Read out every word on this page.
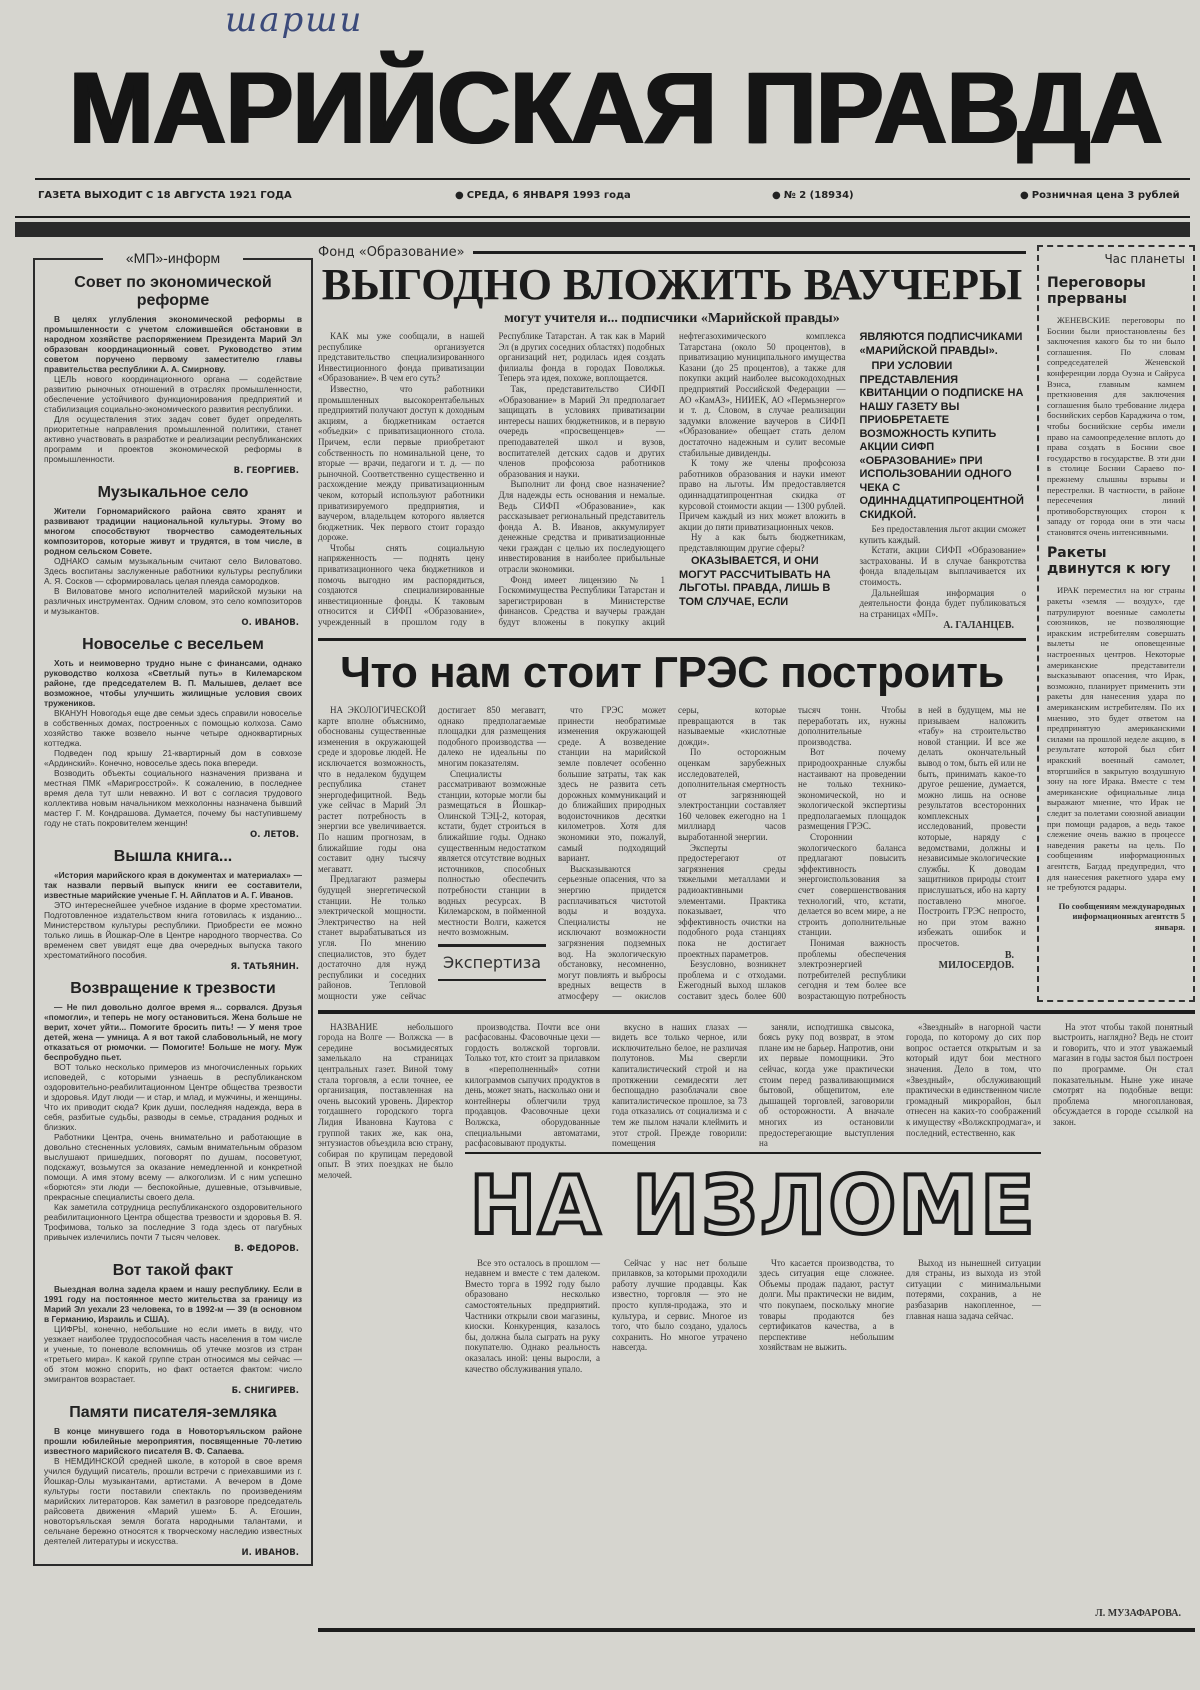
шарши
МАРИЙСКАЯ ПРАВДА
ГАЗЕТА ВЫХОДИТ С 18 АВГУСТА 1921 ГОДА	● СРЕДА, 6 ЯНВАРЯ 1993 года	● № 2 (18934)	● Розничная цена 3 рублей
«МП»-информ
Совет по экономической реформе

В целях углубления экономической реформы в промышленности с учетом сложившейся обстановки в народном хозяйстве распоряжением Президента Марий Эл образован координационный совет. Руководство этим советом поручено первому заместителю главы правительства республики А. А. Смирнову.

ЦЕЛЬ нового координационного органа — содействие развитию рыночных отношений в отраслях промышленности, обеспечение устойчивого функционирования предприятий и стабилизация социально-экономического развития республики.

Для осуществления этих задач совет будет определять приоритетные направления промышленной политики, станет активно участвовать в разработке и реализации республиканских программ и проектов экономической реформы в промышленности.

В. ГЕОРГИЕВ.
Музыкальное село

Жители Горномарийского района свято хранят и развивают традиции национальной культуры. Этому во многом способствуют творчество самодеятельных композиторов, которые живут и трудятся, в том числе, в родном сельском Совете.

ОДНАКО самым музыкальным считают село Виловатово. Здесь воспитаны заслуженные работники культуры республики А. Я. Сосков — сформировалась целая плеяда самородков.

В Виловатове много исполнителей марийской музыки на различных инструментах. Одним словом, это село композиторов и музыкантов.

О. ИВАНОВ.
Новоселье с весельем

Хоть и неимоверно трудно ныне с финансами, однако руководство колхоза «Светлый путь» в Килемарском районе, где председателем В. П. Малышев, делает все возможное, чтобы улучшить жилищные условия своих тружеников.

ВКАНУН Новогодья еще две семьи здесь справили новоселье в собственных домах, построенных с помощью колхоза. Само хозяйство также возвело нынче четыре одноквартирных коттеджа.

Подведен под крышу 21-квартирный дом в совхозе «Ардинский». Конечно, новоселье здесь пока впереди.

Возводить объекты социального назначения призвана и местная ПМК «Маригросстрой». К сожалению, в последнее время дела тут шли неважно. И вот с согласия трудового коллектива новым начальником мехколонны назначена бывший мастер Г. М. Кондрашова. Думается, почему бы наступившему году не стать покровителем женщин!

О. ЛЕТОВ.
Вышла книга...

«История марийского края в документах и материалах» — так назвали первый выпуск книги ее составители, известные марийские ученые Г. Н. Айплатов и А. Г. Иванов.

ЭТО интереснейшее учебное издание в форме хрестоматии. Подготовленное издательством книга готовилась к изданию... Министерством культуры республики. Приобрести ее можно только лишь в Йошкар-Оле в Центре народного творчества. Со временем свет увидят еще два очередных выпуска такого хрестоматийного пособия.

Я. ТАТЬЯНИН.
Возвращение к трезвости

— Не пил довольно долгое время я... сорвался. Друзья «помогли», и теперь не могу остановиться. Жена больше не верит, хочет уйти... Помогите бросить пить! — У меня трое детей, жена — умница. А я вот такой слабовольный, не могу отказаться от рюмочки. — Помогите! Больше не могу. Муж беспробудно пьет.

ВОТ только несколько примеров из многочисленных горьких исповедей, с которыми узнаешь в республиканском оздоровительно-реабилитационном Центре общества трезвости и здоровья. Идут люди — и стар, и млад, и мужчины, и женщины. Что их приводит сюда? Крик души, последняя надежда, вера в себя, разбитые судьбы, разводы в семье, страдания родных и близких.

Работники Центра, очень внимательно и работающие в довольно стесненных условиях, самым внимательным образом выслушают пришедших, поговорят по душам, посоветуют, подскажут, возьмутся за оказание немедленной и конкретной помощи. А имя этому всему — алкоголизм. И с ним успешно «борются» эти люди — беспокойные, душевные, отзывчивые, прекрасные специалисты своего дела.

Как заметила сотрудница республиканского оздоровительного реабилитационного Центра общества трезвости и здоровья В. Я. Трофимова, только за последние 3 года здесь от пагубных привычек излечились почти 7 тысяч человек.

В. ФЕДОРОВ.
Вот такой факт

Выездная волна задела краем и нашу республику. Если в 1991 году на постоянное место жительства за границу из Марий Эл уехали 23 человека, то в 1992-м — 39 (в основном в Германию, Израиль и США).

ЦИФРЫ, конечно, небольшие но если иметь в виду, что уезжает наиболее трудоспособная часть населения в том числе и ученые, то поневоле вспомнишь об утечке мозгов из стран «третьего мира». К какой группе стран относимся мы сейчас — об этом можно спорить, но факт остается фактом: число эмигрантов возрастает.

Б. СНИГИРЕВ.
Памяти писателя-земляка

В конце минувшего года в Новоторъяльском районе прошли юбилейные мероприятия, посвященные 70-летию известного марийского писателя В. Ф. Сапаева.

В НЕМДИНСКОЙ средней школе, в которой в свое время учился будущий писатель, прошли встречи с приехавшими из г. Йошкар-Олы музыкантами, артистами. А вечером в Доме культуры гости поставили спектакль по произведениям марийских литераторов. Как заметил в разговоре председатель райсовета движения «Марий ушем» Б. А. Егошин, новоторъяльская земля богата народными талантами, и сельчане бережно относятся к творческому наследию известных деятелей литературы и искусства.

И. ИВАНОВ.
Фонд «Образование»
ВЫГОДНО ВЛОЖИТЬ ВАУЧЕРЫ
могут учителя и... подписчики «Марийской правды»

КАК мы уже сообщали, в нашей республике организуется представительство специализированного Инвестиционного фонда приватизации «Образование». В чем его суть?

Известно, что работники промышленных высокорентабельных предприятий получают доступ к доходным акциям, а бюджетникам остается «объедки» с приватизационного стола. Причем, если первые приобретают собственность по номинальной цене, то вторые — врачи, педагоги и т. д. — по рыночной. Соответственно существенно и расхождение между приватизационным чеком, который используют работники приватизируемого предприятия, и ваучером, владельцем которого является бюджетник. Чек первого стоит гораздо дороже.

Чтобы снять социальную напряженность — поднять цену приватизационного чека бюджетников и помочь выгодно им распорядиться, создаются специализированные инвестиционные фонды. К таковым относится и СИФП «Образование», учрежденный в прошлом году в Республике Татарстан. А так как в Марий Эл (в других соседних областях) подобных организаций нет, родилась идея создать филиалы фонда в городах Поволжья. Теперь эта идея, похоже, воплощается.

Так, представительство СИФП «Образование» в Марий Эл предполагает защищать в условиях приватизации интересы наших бюджетников, и в первую очередь «просвещенцев» — преподавателей школ и вузов, воспитателей детских садов и других членов профсоюза работников образования и науки.

Выполнит ли фонд свое назначение? Для надежды есть основания и немалые. Ведь СИФП «Образование», как рассказывает региональный представитель фонда А. В. Иванов, аккумулирует денежные средства и приватизационные чеки граждан с целью их последующего инвестирования в наиболее прибыльные отрасли экономики.

Фонд имеет лицензию № 1 Госкомимущества Республики Татарстан и зарегистрирован в Министерстве финансов. Средства и ваучеры граждан будут вложены в покупку акций нефтегазохимического комплекса Татарстана (около 50 процентов), в приватизацию муниципального имущества Казани (до 25 процентов), а также для покупки акций наиболее высокодоходных предприятий Российской Федерации — АО «КамАЗ», НИИЕК, АО «Пермьэнерго» и т. д. Словом, в случае реализации задумки вложение ваучеров в СИФП «Образование» обещает стать делом достаточно надежным и сулит весомые стабильные дивиденды.

К тому же члены профсоюза работников образования и науки имеют право на льготы. Им предоставляется одиннадцатипроцентная скидка от курсовой стоимости акции — 1300 рублей. Причем каждый из них может вложить в акции до пяти приватизационных чеков.

Ну а как быть бюджетникам, представляющим другие сферы?

ОКАЗЫВАЕТСЯ, И ОНИ МОГУТ РАССЧИТЫВАТЬ НА ЛЬГОТЫ. ПРАВДА, ЛИШЬ В ТОМ СЛУЧАЕ, ЕСЛИ ЯВЛЯЮТСЯ ПОДПИСЧИКАМИ «МАРИЙСКОЙ ПРАВДЫ».

ПРИ УСЛОВИИ ПРЕДСТАВЛЕНИЯ КВИТАНЦИИ О ПОДПИСКЕ НА НАШУ ГАЗЕТУ ВЫ ПРИОБРЕТАЕТЕ ВОЗМОЖНОСТЬ КУПИТЬ АКЦИИ СИФП «ОБРАЗОВАНИЕ» ПРИ ИСПОЛЬЗОВАНИИ ОДНОГО ЧЕКА С ОДИННАДЦАТИПРОЦЕНТНОЙ СКИДКОЙ.

Без предоставления льгот акции сможет купить каждый.

Кстати, акции СИФП «Образование» застрахованы. И в случае банкротства фонда владельцам выплачивается их стоимость.

Дальнейшая информация о деятельности фонда будет публиковаться на страницах «МП».

А. ГАЛАНЦЕВ.
Что нам стоит ГРЭС построить

НА ЭКОЛОГИЧЕСКОЙ карте вполне объяснимо, обоснованы существенные изменения в окружающей среде и здоровье людей. Не исключается возможность, что в недалеком будущем республика станет энергодефицитной. Ведь уже сейчас в Марий Эл растет потребность в энергии все увеличивается. По нашим прогнозам, в ближайшие годы она составит одну тысячу мегаватт.

Предлагают размеры будущей энергетической станции. Не только электрической мощности. Электричество на ней станет вырабатываться из угля. По мнению специалистов, это будет достаточно для нужд республики и соседних районов. Тепловой мощности уже сейчас достигает 850 мегаватт, однако предполагаемые площадки для размещения подобного производства — далеко не идеальны по многим показателям.

Специалисты рассматривают возможные станции, которые могли бы размещаться в Йошкар-Олинской ТЭЦ-2, которая, кстати, будет строиться в ближайшие годы. Однако существенным недостатком является отсутствие водных источников, способных полностью обеспечить потребности станции в водных ресурсах. В Килемарском, в пойменной местности Волги, кажется нечто возможным.

Экспертиза

что ГРЭС может принести необратимые изменения окружающей среде. А возведение станции на марийской земле повлечет особенно большие затраты, так как здесь не развита сеть дорожных коммуникаций и до ближайших природных водоисточников десятки километров. Хотя для экономики это, пожалуй, самый подходящий вариант.

Высказываются серьезные опасения, что за энергию придется расплачиваться чистотой воды и воздуха. Специалисты не исключают возможности загрязнения подземных вод. На экологическую обстановку, несомненно, могут повлиять и выбросы вредных веществ в атмосферу — окислов серы, которые превращаются в так называемые «кислотные дожди».

По осторожным оценкам зарубежных исследователей, дополнительная смертность от загрязняющей электростанции составляет 160 человек ежегодно на 1 миллиард часов выработанной энергии.

Эксперты предостерегают от загрязнения среды тяжелыми металлами и радиоактивными элементами. Практика показывает, что эффективность очистки на подобного рода станциях пока не достигает проектных параметров.

Безусловно, возникнет проблема и с отходами. Ежегодный выход шлаков составит здесь более 600 тысяч тонн. Чтобы переработать их, нужны дополнительные производства.

Вот почему природоохранные службы настаивают на проведении не только технико-экономической, но и экологической экспертизы предполагаемых площадок размещения ГРЭС.

Стороннии экологического баланса предлагают повысить эффективность энергоиспользования за счет совершенствования технологий, что, кстати, делается во всем мире, а не строить дополнительные станции.

Понимая важность проблемы обеспечения электроэнергией потребителей республики сегодня и тем более все возрастающую потребность в ней в будущем, мы не призываем наложить «табу» на строительство новой станции. И все же делать окончательный вывод о том, быть ей или не быть, принимать какое-то другое решение, думается, можно лишь на основе результатов всесторонних комплексных исследований, провести которые, наряду с ведомствами, должны и независимые экологические службы. К доводам защитников природы стоит прислушаться, ибо на карту поставлено многое. Построить ГРЭС непросто, но при этом важно избежать ошибок и просчетов.

В. МИЛОСЕРДОВ.
Час планеты
Переговоры прерваны

ЖЕНЕВСКИЕ переговоры по Боснии были приостановлены без заключения какого бы то ни было соглашения. По словам сопредседателей Женевской конференции лорда Оуэна и Сайруса Вэнса, главным камнем преткновения для заключения соглашения было требование лидера боснийских сербов Караджича о том, чтобы боснийские сербы имели право на самоопределение вплоть до права создать в Боснии свое государство в государстве. В эти дни в столице Боснии Сараево по-прежнему слышны взрывы и перестрелки. В частности, в районе пересечения линий противоборствующих сторон к западу от города они в эти часы становятся очень интенсивными.

Ракеты двинутся к югу

ИРАК переместил на юг страны ракеты «земля — воздух», где патрулируют военные самолеты союзников, не позволяющие иракским истребителям совершать вылеты не оповещенные настроенных центров. Некоторые американские представители высказывают опасения, что Ирак, возможно, планирует применить эти ракеты для нанесения удара по американским истребителям. По их мнению, это будет ответом на предпринятую американскими силами на прошлой неделе акцию, в результате которой был сбит иракский военный самолет, вторгшийся в закрытую воздушную зону на юге Ирака. Вместе с тем американские официальные лица выражают мнение, что Ирак не следит за полетами союзной авиации при помощи радаров, а ведь такое слежение очень важно в процессе наведения ракеты на цель. По сообщениям информационных агентств, Багдад предупредил, что для нанесения ракетного удара ему не требуются радары.

По сообщениям международных информационных агентств 5 января.

НАЗВАНИЕ небольшого города на Волге — Волжска — в середине восьмидесятых замелькало на страницах центральных газет. Виной тому стала торговля, а если точнее, ее организация, поставленная на очень высокий уровень. Директор тогдашнего городского торга Лидия Ивановна Каутова с группой таких же, как она, энтузиастов объездила всю страну, собирая по крупицам передовой опыт. В этих поездках не было мелочей.

производства. Почти все они расфасованы. Фасовочные цехи — гордость волжской торговли. Только тот, кто стоит за прилавком в «переполненный» сотни килограммов сыпучих продуктов в день, может знать, насколько они и контейнеры облегчили труд продавцов. Фасовочные цехи Волжска, оборудованные специальными автоматами, расфасовывают продукты.

вкусно в наших глазах — видеть все только черное, или исключительно белое, не различая полутонов. Мы свергли капиталистический строй и на протяжении семидесяти лет беспощадно разоблачали свое капиталистическое прошлое, за 73 года отказались от социализма и с тем же пылом начали клеймить и этот строй. Прежде говорили: помещения

заняли, исподтишка свысока, боясь руку под возврат, в этом плане им не барьер. Напротив, они их первые помощники. Это сейчас, когда уже практически стоим перед разваливающимися бытовой, общепитом, еле дышащей торговлей, заговорили об осторожности. А вначале многих из остановили предостерегающие выступления на

«Звездный» в нагорной части города, по которому до сих пор вопрос остается открытым и за который идут бои местного значения. Дело в том, что «Звездный», обслуживающий практически в единственном числе громадный микрорайон, был отнесен на каких-то соображений к имуществу «Волжскпродмага», и последний, естественно, как

На этот чтобы такой понятный выстроить, наглядно? Ведь не стоит и говорить, что и этот уважаемый магазин в годы застоя был построен по программе. Он стал показательным. Ныне уже иначе смотрят на подобные вещи: проблема многоплановая, обсуждается в городе ссылкой на закон.

Л. МУЗАФАРОВА.
НА ИЗЛОМЕ

Все это осталось в прошлом — недавнем и вместе с тем далеком. Вместо торга в 1992 году было образовано несколько самостоятельных предприятий. Частники открыли свои магазины, киоски. Конкуренция, казалось бы, должна была сыграть на руку покупателю. Однако реальность оказалась иной: цены выросли, а качество обслуживания упало.

Сейчас у нас нет больше прилавков, за которыми проходили работу лучшие продавцы. Как известно, торговля — это не просто купля-продажа, это и культура, и сервис. Многое из того, что было создано, удалось сохранить. Но многое утрачено навсегда.

Что касается производства, то здесь ситуация еще сложнее. Объемы продаж падают, растут долги. Мы практически не видим, что покупаем, поскольку многие товары продаются без сертификатов качества, а в перспективе небольшим хозяйствам не выжить.

Выход из нынешней ситуации для страны, из выхода из этой ситуации с минимальными потерями, сохранив, а не разбазарив накопленное, — главная наша задача сейчас.
